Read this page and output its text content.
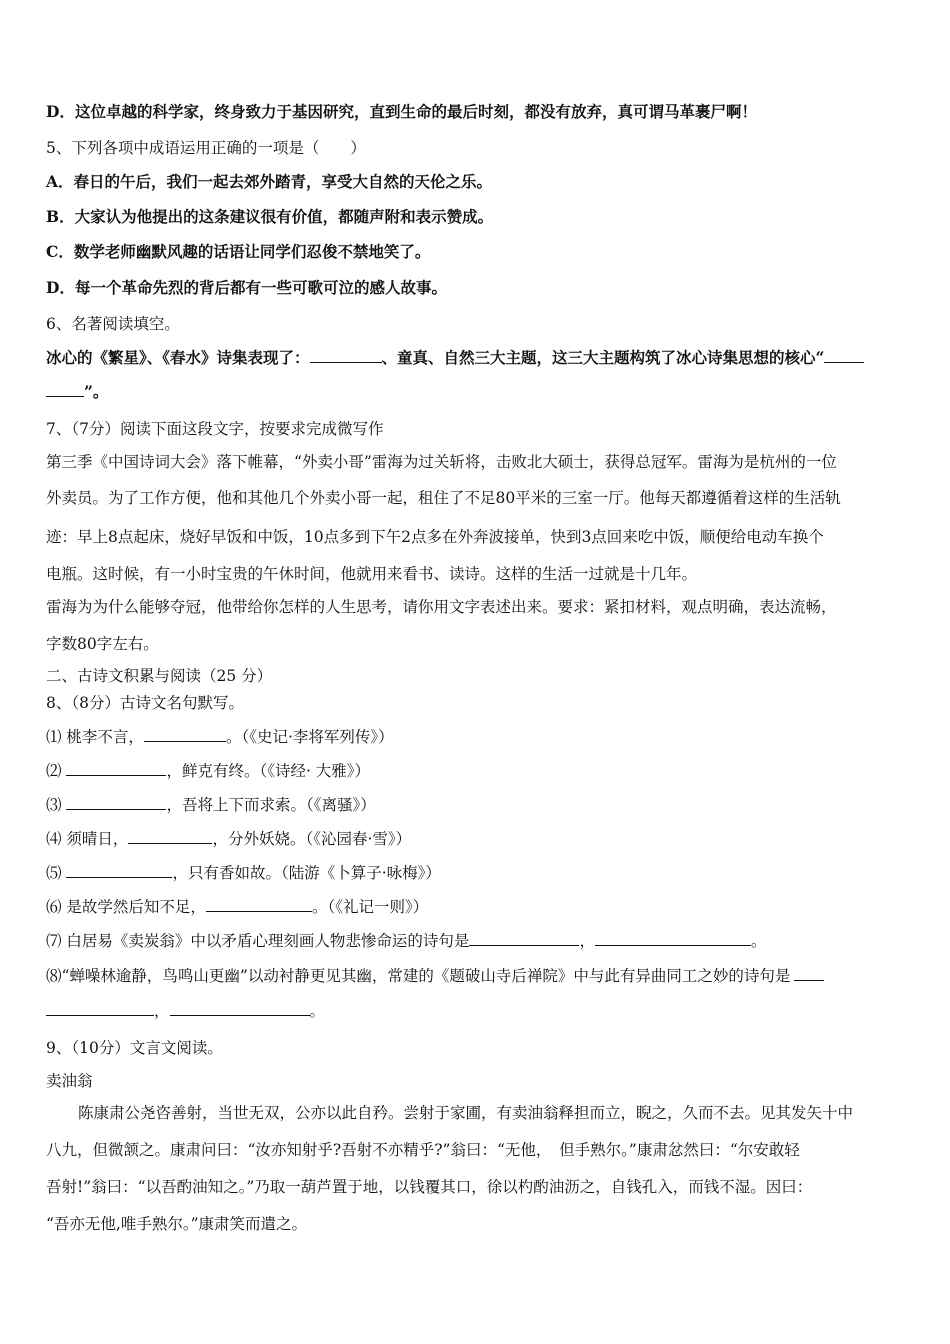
D．这位卓越的科学家，终身致力于基因研究，直到生命的最后时刻，都没有放弃，真可谓马革裹尸啊！
5、下列各项中成语运用正确的一项是（　　）
A．春日的午后，我们一起去郊外踏青，享受大自然的天伦之乐。
B．大家认为他提出的这条建议很有价值，都随声附和表示赞成。
C．数学老师幽默风趣的话语让同学们忍俊不禁地笑了。
D．每一个革命先烈的背后都有一些可歌可泣的感人故事。
6、名著阅读填空。
冰心的《繁星》、《春水》诗集表现了：	、童真、自然三大主题，这三大主题构筑了冰心诗集思想的核心“
”。
7、（7分）阅读下面这段文字，按要求完成微写作
第三季《中国诗词大会》落下帷幕，“外卖小哥”雷海为过关斩将，击败北大硕士，获得总冠军。雷海为是杭州的一位
外卖员。为了工作方便，他和其他几个外卖小哥一起，租住了不足80平米的三室一厅。他每天都遵循着这样的生活轨
迹：早上8点起床，烧好早饭和中饭，10点多到下午2点多在外奔波接单，快到3点回来吃中饭，顺便给电动车换个
电瓶。这时候，有一小时宝贵的午休时间，他就用来看书、读诗。这样的生活一过就是十几年。
雷海为为什么能够夺冠，他带给你怎样的人生思考，请你用文字表述出来。要求：紧扣材料，观点明确，表达流畅，
字数80字左右。
二、古诗文积累与阅读（25 分）
8、（8分）古诗文名句默写。
⑴ 桃李不言，	。（《史记·李将军列传》）
⑵	，鲜克有终。（《诗经· 大雅》）
⑶	，吾将上下而求索。（《离骚》）
⑷ 须晴日，	，分外妖娆。（《沁园春·雪》）
⑸	，只有香如故。（陆游《卜算子·咏梅》）
⑹ 是故学然后知不足，	。（《礼记一则》）
⑺ 白居易《卖炭翁》中以矛盾心理刻画人物悲惨命运的诗句是	，	。
⑻“蝉噪林逾静，鸟鸣山更幽”以动衬静更见其幽，常建的《题破山寺后禅院》中与此有异曲同工之妙的诗句是
，	。
9、（10分）文言文阅读。
卖油翁
陈康肃公尧咨善射，当世无双，公亦以此自矜。尝射于家圃，有卖油翁释担而立，睨之，久而不去。见其发矢十中
八九，但微颔之。康肃问曰：“汝亦知射乎?吾射不亦精乎?”翁曰：“无他，　但手熟尔。”康肃忿然曰：“尔安敢轻
吾射!”翁曰：“以吾酌油知之。”乃取一葫芦置于地，以钱覆其口，徐以杓酌油沥之，自钱孔入，而钱不湿。因曰：
“吾亦无他,唯手熟尔。”康肃笑而遣之。
